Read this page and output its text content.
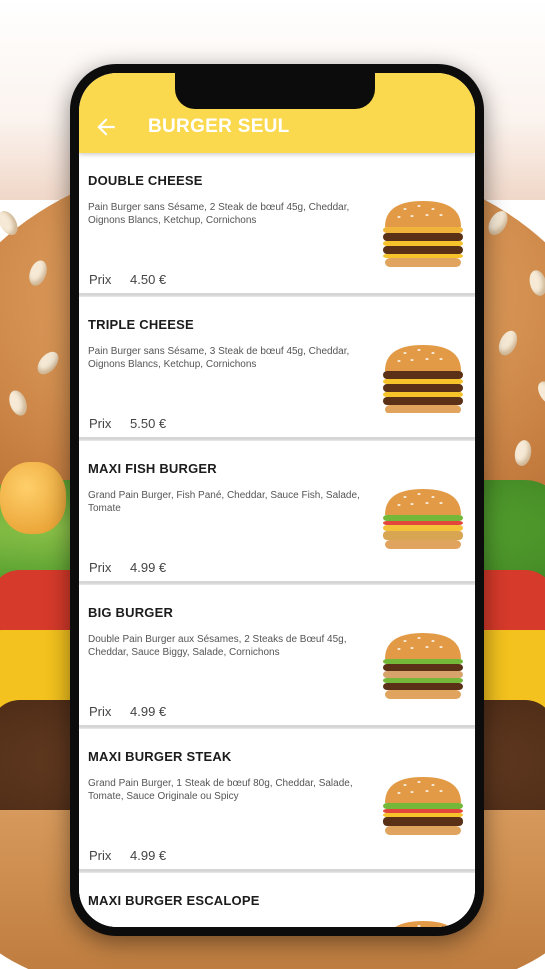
BURGER SEUL
DOUBLE CHEESE
Pain Burger sans Sésame, 2 Steak de bœuf 45g, Cheddar, Oignons Blancs, Ketchup, Cornichons
Prix 4.50 €
TRIPLE CHEESE
Pain Burger sans Sésame, 3 Steak de bœuf 45g, Cheddar, Oignons Blancs, Ketchup, Cornichons
Prix 5.50 €
MAXI FISH BURGER
Grand Pain Burger, Fish Pané, Cheddar, Sauce Fish, Salade, Tomate
Prix 4.99 €
BIG BURGER
Double Pain Burger aux Sésames, 2 Steaks de Bœuf 45g, Cheddar, Sauce Biggy, Salade, Cornichons
Prix 4.99 €
MAXI BURGER STEAK
Grand Pain Burger, 1 Steak de bœuf 80g, Cheddar, Salade, Tomate, Sauce Originale ou Spicy
Prix 4.99 €
MAXI BURGER ESCALOPE
